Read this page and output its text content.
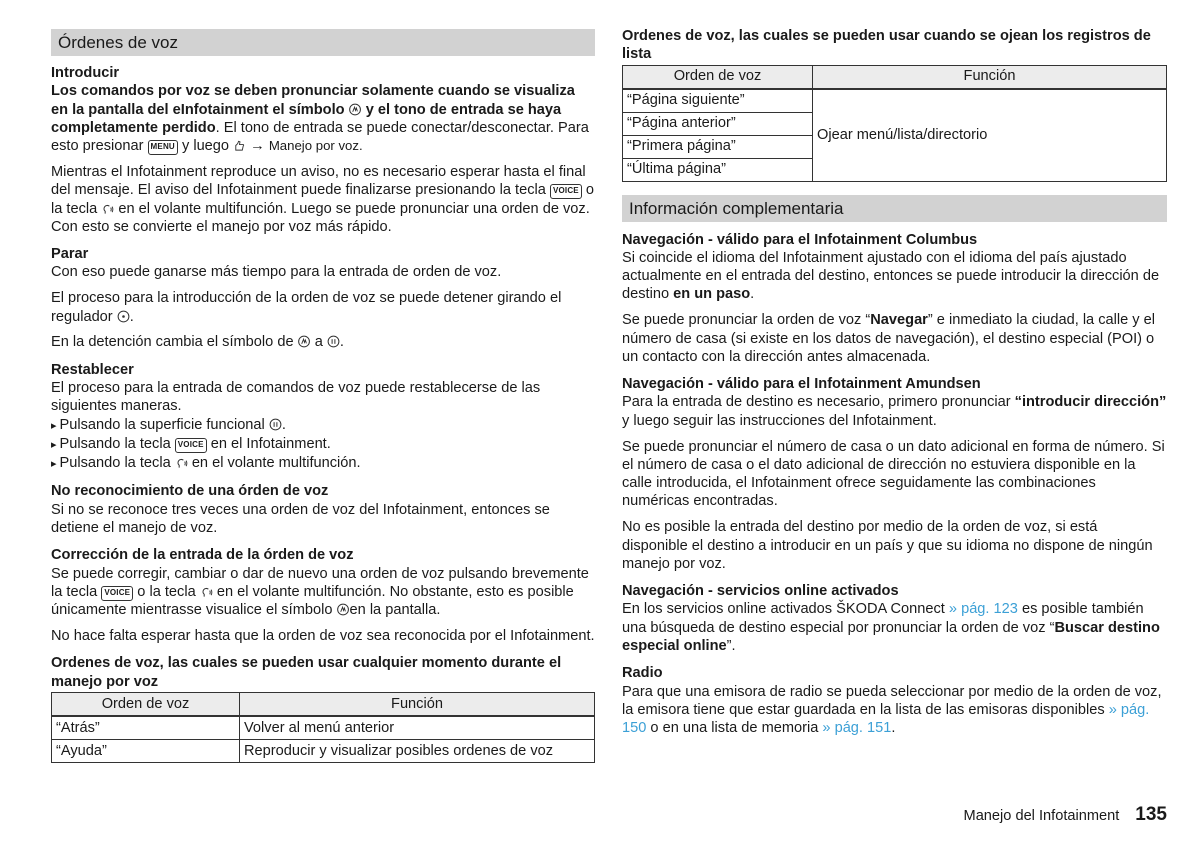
Órdenes de voz
Introducir

Los comandos por voz se deben pronunciar solamente cuando se visualiza en la pantalla del eInfotainment el símbolo y el tono de entrada se haya completamente perdido. El tono de entrada se puede conectar/desconectar. Para esto presionar MENU y luego → Manejo por voz.

Mientras el Infotainment reproduce un aviso, no es necesario esperar hasta el final del mensaje. El aviso del Infotainment puede finalizarse presionando la tecla VOICE o la tecla en el volante multifunción. Luego se puede pronunciar una orden de voz. Con esto se convierte el manejo por voz más rápido.

Parar

Con eso puede ganarse más tiempo para la entrada de orden de voz.

El proceso para la introducción de la orden de voz se puede detener girando el regulador .

En la detención cambia el símbolo de a .

Restablecer

El proceso para la entrada de comandos de voz puede restablecerse de las siguientes maneras.

▸ Pulsando la superficie funcional .
▸ Pulsando la tecla VOICE en el Infotainment.
▸ Pulsando la tecla en el volante multifunción.
No reconocimiento de una órden de voz

Si no se reconoce tres veces una orden de voz del Infotainment, entonces se detiene el manejo de voz.

Corrección de la entrada de la órden de voz

Se puede corregir, cambiar o dar de nuevo una orden de voz pulsando brevemente la tecla VOICE o la tecla en el volante multifunción. No obstante, esto es posible únicamente mientrasse visualice el símbolo en la pantalla.

No hace falta esperar hasta que la orden de voz sea reconocida por el Infotainment.

Ordenes de voz, las cuales se pueden usar cualquier momento durante el manejo por voz
Orden de voz	Función
“Atrás”	Volver al menú anterior
“Ayuda”	Reproducir y visualizar posibles ordenes de voz
Ordenes de voz, las cuales se pueden usar cuando se ojean los registros de lista
Orden de voz	Función
“Página siguiente”	Ojear menú/lista/directorio
“Página anterior”	
“Primera página”	
“Última página”	
Información complementaria
Navegación - válido para el Infotainment Columbus

Si coincide el idioma del Infotainment ajustado con el idioma del país ajustado actualmente en el entrada del destino, entonces se puede introducir la dirección de destino en un paso.

Se puede pronunciar la orden de voz “Navegar” e inmediato la ciudad, la calle y el número de casa (si existe en los datos de navegación), el destino especial (POI) o un contacto con la dirección antes almacenada.

Navegación - válido para el Infotainment Amundsen

Para la entrada de destino es necesario, primero pronunciar “introducir dirección” y luego seguir las instrucciones del Infotainment.

Se puede pronunciar el número de casa o un dato adicional en forma de número. Si el número de casa o el dato adicional de dirección no estuviera disponible en la calle introducida, el Infotainment ofrece seguidamente las combinaciones numéricas encontradas.

No es posible la entrada del destino por medio de la orden de voz, si está disponible el destino a introducir en un país y que su idioma no dispone de ningún manejo por voz.

Navegación - servicios online activados

En los servicios online activados ŠKODA Connect » pág. 123 es posible también una búsqueda de destino especial por pronunciar la orden de voz “Buscar destino especial online”.

Radio

Para que una emisora de radio se pueda seleccionar por medio de la orden de voz, la emisora tiene que estar guardada en la lista de las emisoras disponibles » pág. 150 o en una lista de memoria » pág. 151.

Manejo del Infotainment 135
